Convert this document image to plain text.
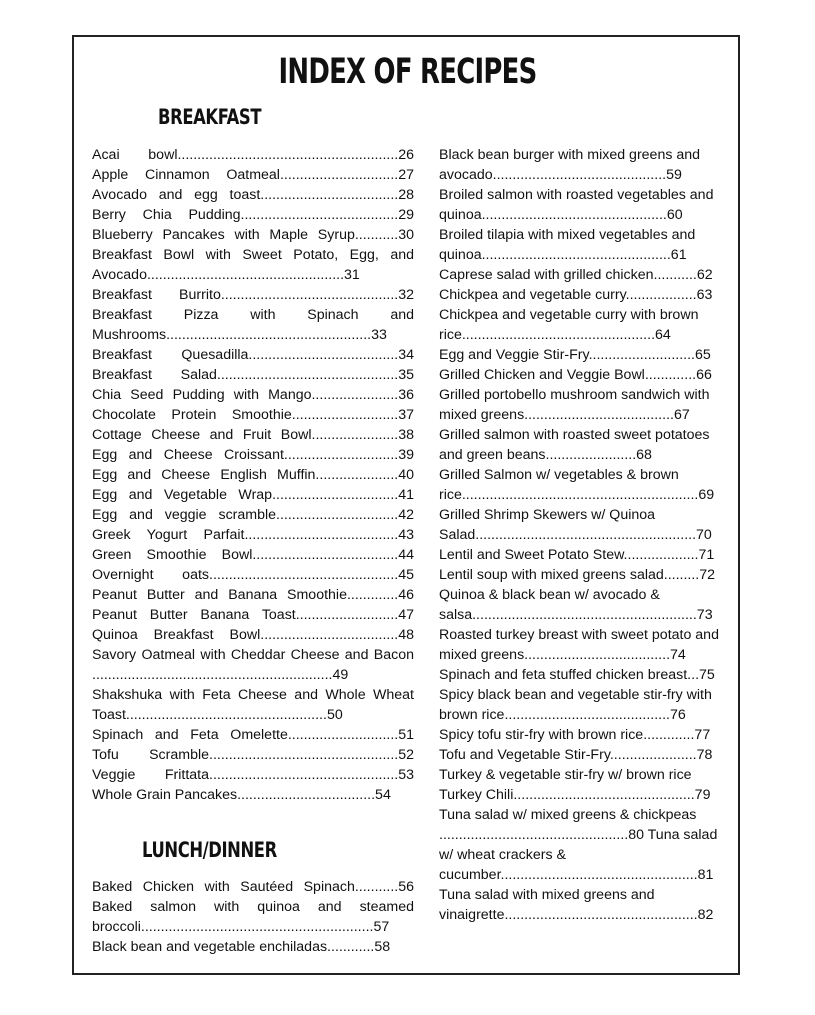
INDEX OF RECIPES
BREAKFAST
Acai bowl........................................................26
Apple Cinnamon Oatmeal..............................27
Avocado and egg toast...................................28
Berry Chia Pudding........................................29
Blueberry Pancakes with Maple Syrup...........30
Breakfast Bowl with Sweet Potato, Egg, and Avocado..................................................31
Breakfast Burrito.............................................32
Breakfast Pizza with Spinach and Mushrooms....................................................33
Breakfast Quesadilla......................................34
Breakfast Salad..............................................35
Chia Seed Pudding with Mango......................36
Chocolate Protein Smoothie...........................37
Cottage Cheese and Fruit Bowl......................38
Egg and Cheese Croissant.............................39
Egg and Cheese English Muffin.....................40
Egg and Vegetable Wrap................................41
Egg and veggie scramble...............................42
Greek Yogurt Parfait.......................................43
Green Smoothie Bowl.....................................44
Overnight oats................................................45
Peanut Butter and Banana Smoothie.............46
Peanut Butter Banana Toast..........................47
Quinoa Breakfast Bowl...................................48
Savory Oatmeal with Cheddar Cheese and Bacon .............................................................49
Shakshuka with Feta Cheese and Whole Wheat Toast...................................................50
Spinach and Feta Omelette............................51
Tofu Scramble................................................52
Veggie Frittata................................................53
Whole Grain Pancakes...................................54
LUNCH/DINNER
Baked Chicken with Sautéed Spinach...........56
Baked salmon with quinoa and steamed broccoli...........................................................57
Black bean and vegetable enchiladas............58
Black bean burger with mixed greens and avocado............................................59
Broiled salmon with roasted vegetables and quinoa...............................................60
Broiled tilapia with mixed vegetables and quinoa................................................61
Caprese salad with grilled chicken...........62
Chickpea and vegetable curry..................63
Chickpea and vegetable curry with brown rice.................................................64
Egg and Veggie Stir-Fry...........................65
Grilled Chicken and Veggie Bowl.............66
Grilled portobello mushroom sandwich with mixed greens......................................67
Grilled salmon with roasted sweet potatoes and green beans.......................68
Grilled Salmon w/ vegetables & brown rice............................................................69
Grilled Shrimp Skewers w/ Quinoa Salad........................................................70
Lentil and Sweet Potato Stew...................71
Lentil soup with mixed greens salad.........72
Quinoa & black bean w/ avocado & salsa.........................................................73
Roasted turkey breast with sweet potato and mixed greens.....................................74
Spinach and feta stuffed chicken breast...75
Spicy black bean and vegetable stir-fry with brown rice..........................................76
Spicy tofu stir-fry with brown rice.............77
Tofu and Vegetable Stir-Fry......................78
Turkey & vegetable stir-fry w/ brown rice
Turkey Chili..............................................79
Tuna salad w/ mixed greens & chickpeas ................................................80 Tuna salad w/ wheat crackers & cucumber..................................................81
Tuna salad with mixed greens and vinaigrette.................................................82
